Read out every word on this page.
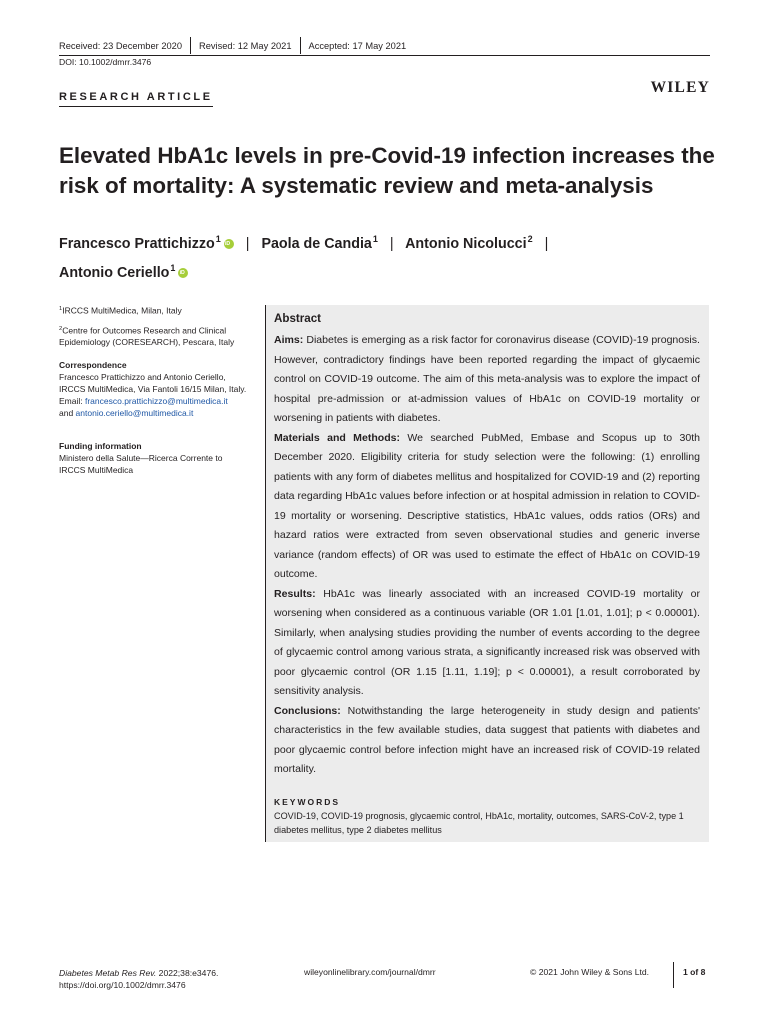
Received: 23 December 2020 Revised: 12 May 2021 Accepted: 17 May 2021
DOI: 10.1002/dmrr.3476
WILEY
RESEARCH ARTICLE
Elevated HbA1c levels in pre-Covid-19 infection increases the risk of mortality: A systematic review and meta-analysis
Francesco Prattichizzo$^1$iD | Paola de Candia$^1$ | Antonio Nicolucci$^2$ |
Antonio Ceriello$^1$iD
$^1$IRCCS MultiMedica, Milan, Italy
$^2$Centre for Outcomes Research and Clinical Epidemiology (CORESEARCH), Pescara, Italy
Correspondence
Francesco Prattichizzo and Antonio Ceriello, IRCCS MultiMedica, Via Fantoli 16/15 Milan, Italy.
Email: francesco.prattichizzo@multimedica.it
and antonio.ceriello@multimedica.it
Funding information
Ministero della Salute—Ricerca Corrente to IRCCS MultiMedica
Abstract

Aims: Diabetes is emerging as a risk factor for coronavirus disease (COVID)-19 prognosis. However, contradictory findings have been reported regarding the impact of glycaemic control on COVID-19 outcome. The aim of this meta-analysis was to explore the impact of hospital pre-admission or at-admission values of HbA1c on COVID-19 mortality or worsening in patients with diabetes.

Materials and Methods: We searched PubMed, Embase and Scopus up to 30th December 2020. Eligibility criteria for study selection were the following: (1) enrolling patients with any form of diabetes mellitus and hospitalized for COVID-19 and (2) reporting data regarding HbA1c values before infection or at hospital admission in relation to COVID-19 mortality or worsening. Descriptive statistics, HbA1c values, odds ratios (ORs) and hazard ratios were extracted from seven observational studies and generic inverse variance (random effects) of OR was used to estimate the effect of HbA1c on COVID-19 outcome.

Results: HbA1c was linearly associated with an increased COVID-19 mortality or worsening when considered as a continuous variable (OR 1.01 [1.01, 1.01]; p < 0.00001). Similarly, when analysing studies providing the number of events according to the degree of glycaemic control among various strata, a significantly increased risk was observed with poor glycaemic control (OR 1.15 [1.11, 1.19]; p < 0.00001), a result corroborated by sensitivity analysis.

Conclusions: Notwithstanding the large heterogeneity in study design and patients' characteristics in the few available studies, data suggest that patients with diabetes and poor glycaemic control before infection might have an increased risk of COVID-19 related mortality.

KEYWORDS
COVID-19, COVID-19 prognosis, glycaemic control, HbA1c, mortality, outcomes, SARS-CoV-2, type 1 diabetes mellitus, type 2 diabetes mellitus
Diabetes Metab Res Rev. 2022;38:e3476.
https://doi.org/10.1002/dmrr.3476
wileyonlinelibrary.com/journal/dmrr	© 2021 John Wiley & Sons Ltd.	1 of 8
